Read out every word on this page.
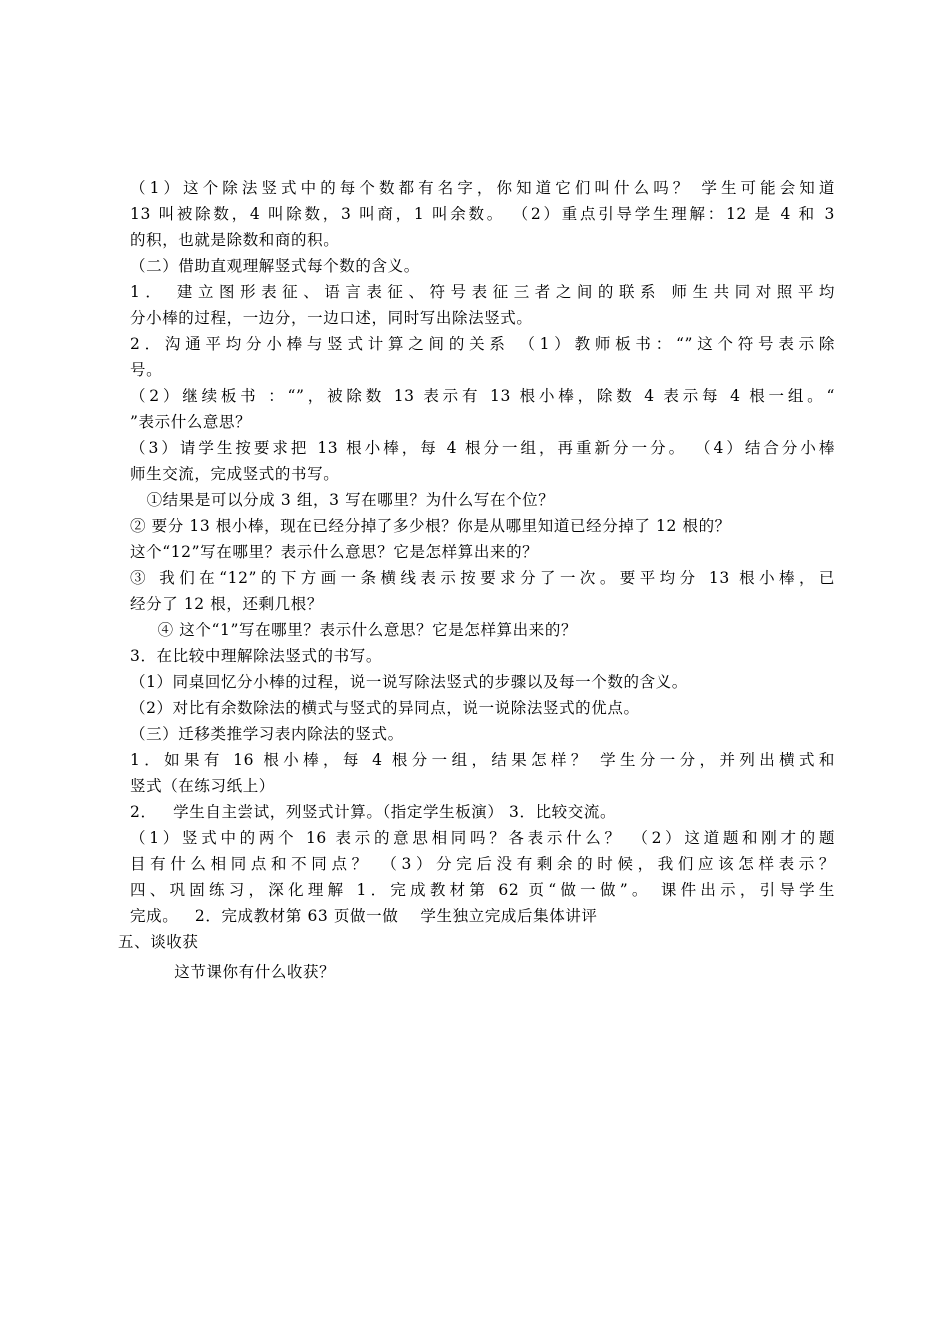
（1）这个除法竖式中的每个数都有名字，你知道它们叫什么吗？ 学生可能会知道
13 叫被除数，4 叫除数，3 叫商，1 叫余数。 （2）重点引导学生理解：12 是 4 和 3
的积，也就是除数和商的积。
（二）借助直观理解竖式每个数的含义。
1． 建立图形表征、语言表征、符号表征三者之间的联系 师生共同对照平均
分小棒的过程，一边分，一边口述，同时写出除法竖式。
2．沟通平均分小棒与竖式计算之间的关系 （1）教师板书：“”这个符号表示除
号。
（2）继续板书 ：“”，被除数 13 表示有 13 根小棒，除数 4 表示每 4 根一组。“
”表示什么意思？
（3）请学生按要求把 13 根小棒，每 4 根分一组，再重新分一分。 （4）结合分小棒
师生交流，完成竖式的书写。
①结果是可以分成 3 组，3 写在哪里？为什么写在个位？
② 要分 13 根小棒，现在已经分掉了多少根？你是从哪里知道已经分掉了 12 根的？
这个“12”写在哪里？表示什么意思？它是怎样算出来的？
③ 我们在“12”的下方画一条横线表示按要求分了一次。要平均分 13 根小棒，已
经分了 12 根，还剩几根？
④ 这个“1”写在哪里？表示什么意思？它是怎样算出来的？
3．在比较中理解除法竖式的书写。
（1）同桌回忆分小棒的过程，说一说写除法竖式的步骤以及每一个数的含义。
（2）对比有余数除法的横式与竖式的异同点，说一说除法竖式的优点。
（三）迁移类推学习表内除法的竖式。
1．如果有 16 根小棒，每 4 根分一组，结果怎样？ 学生分一分，并列出横式和
竖式（在练习纸上）
2．   学生自主尝试，列竖式计算。（指定学生板演） 3．比较交流。
（1）竖式中的两个 16 表示的意思相同吗？各表示什么？ （2）这道题和刚才的题
目有什么相同点和不同点？ （3）分完后没有剩余的时候，我们应该怎样表示？
四、巩固练习，深化理解 1．完成教材第 62 页“做一做”。 课件出示，引导学生
完成。   2．完成教材第 63 页做一做    学生独立完成后集体讲评
五、谈收获
这节课你有什么收获？
